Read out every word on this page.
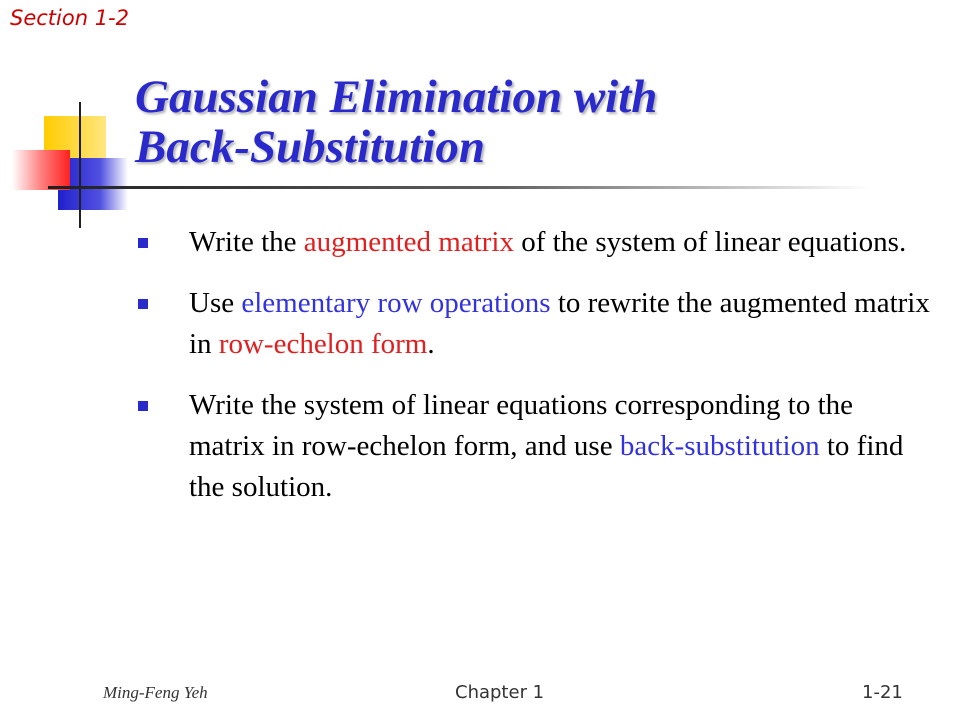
Section 1-2
Gaussian Elimination with
Back-Substitution
Write the augmented matrix of the system of linear equations.
Use elementary row operations to rewrite the augmented matrix in row-echelon form.
Write the system of linear equations corresponding to the matrix in row-echelon form, and use back-substitution to find the solution.
Ming-Feng Yeh	Chapter 1	1-21
